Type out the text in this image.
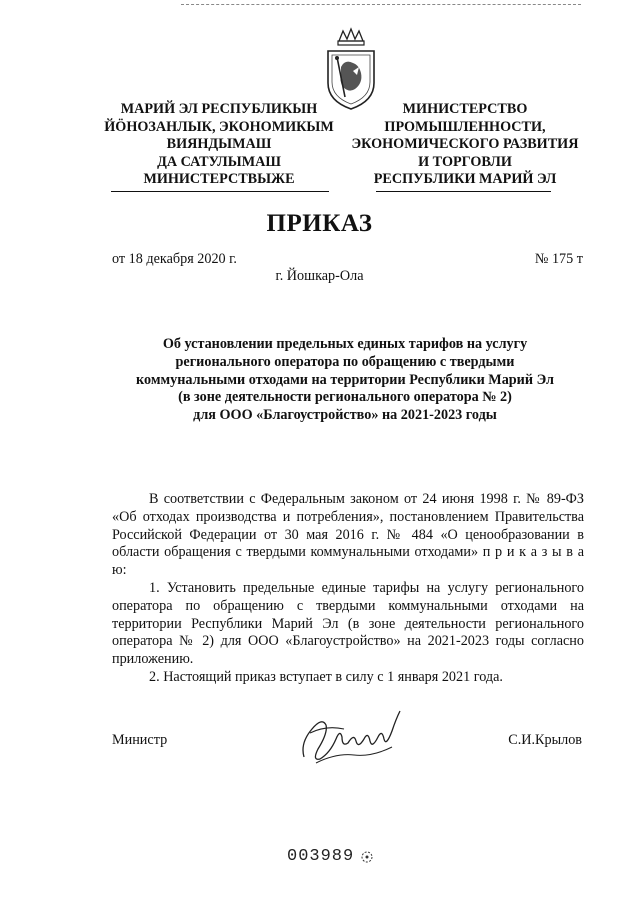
МАРИЙ ЭЛ РЕСПУБЛИКЫН
ЙӦНОЗАНЛЫК, ЭКОНОМИКЫМ
ВИЯНДЫМАШ
ДА САТУЛЫМАШ
МИНИСТЕРСТВЫЖЕ
МИНИСТЕРСТВО
ПРОМЫШЛЕННОСТИ,
ЭКОНОМИЧЕСКОГО РАЗВИТИЯ
И ТОРГОВЛИ
РЕСПУБЛИКИ МАРИЙ ЭЛ
ПРИКАЗ
от 18 декабря 2020 г.	№ 175 т
г. Йошкар-Ола
Об установлении предельных единых тарифов на услугу
регионального оператора по обращению с твердыми
коммунальными отходами на территории Республики Марий Эл
(в зоне деятельности регионального оператора № 2)
для ООО «Благоустройство» на 2021-2023 годы

В соответствии с Федеральным законом от 24 июня 1998 г. № 89-ФЗ «Об отходах производства и потребления», постановлением Правительства Российской Федерации от 30 мая 2016 г. № 484 «О ценообразовании в области обращения с твердыми коммунальными отходами» п р и к а з ы в а ю:

1. Установить предельные единые тарифы на услугу регионального оператора по обращению с твердыми коммунальными отходами на территории Республики Марий Эл (в зоне деятельности регионального оператора № 2) для ООО «Благоустройство» на 2021-2023 годы согласно приложению.

2. Настоящий приказ вступает в силу с 1 января 2021 года.

Министр	С.И.Крылов
003989
